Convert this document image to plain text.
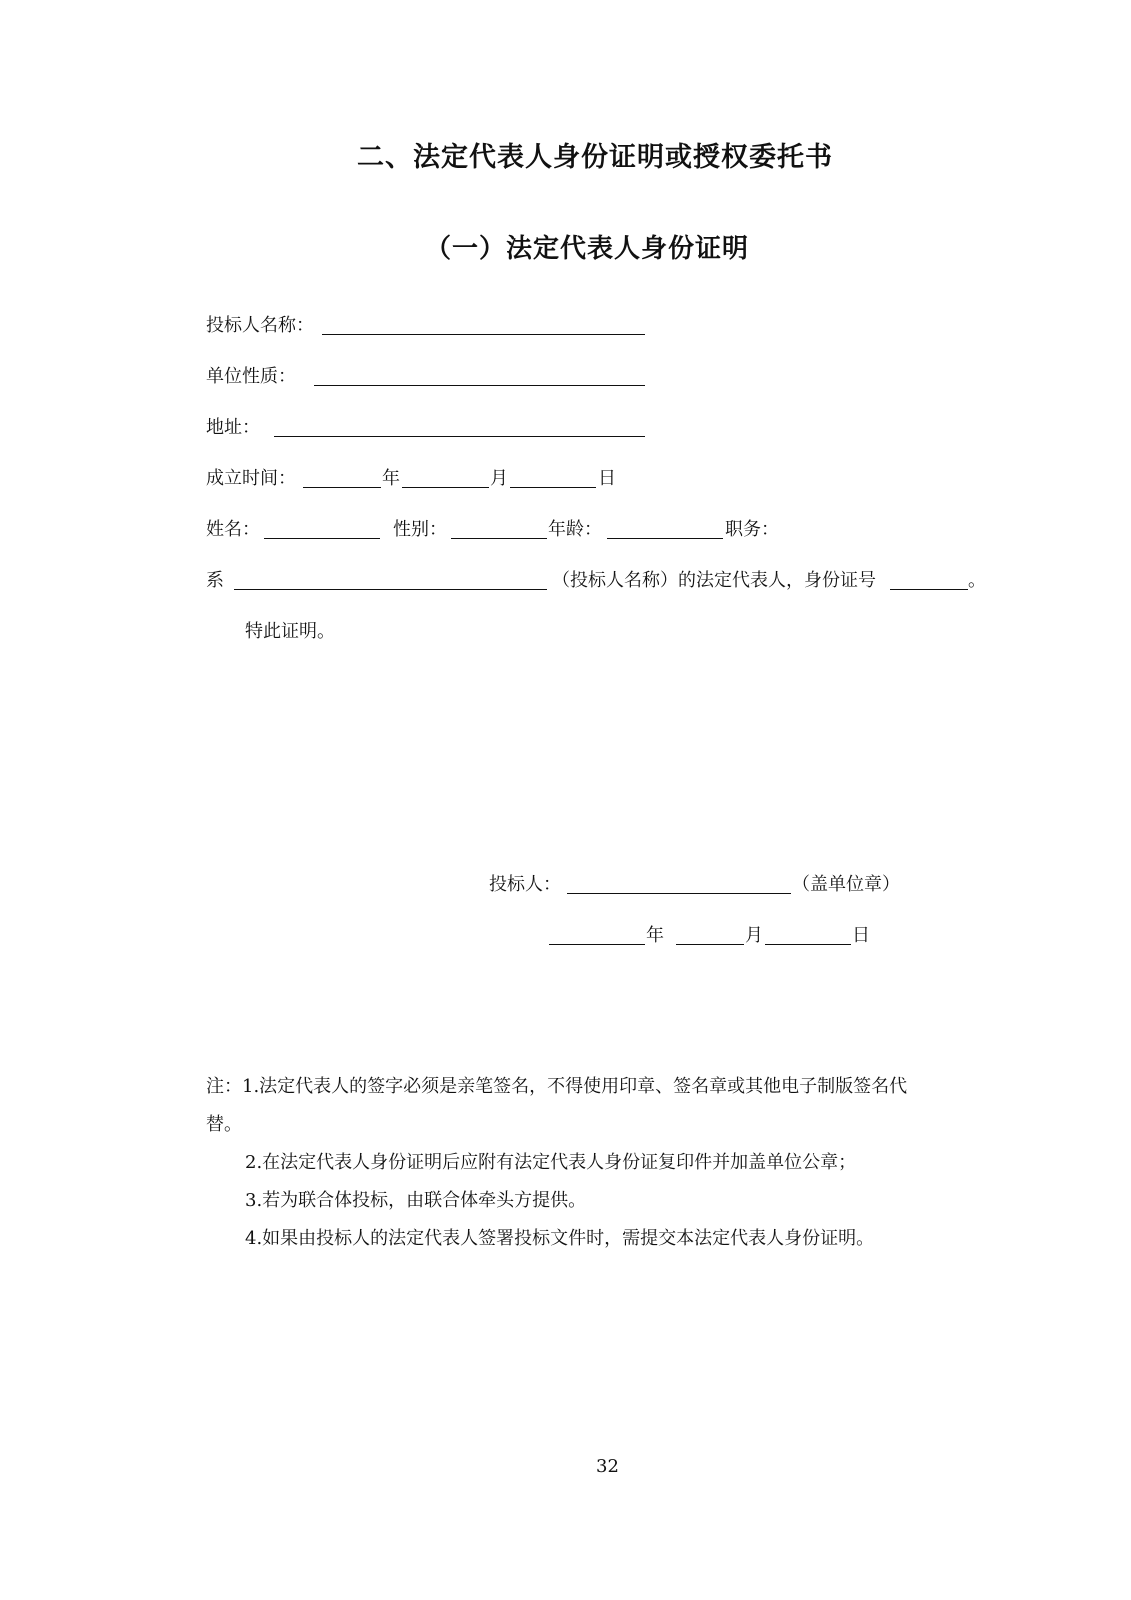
二、法定代表人身份证明或授权委托书
（一）法定代表人身份证明
投标人名称：
单位性质：
地址：
成立时间：	年	月	日
姓名：	性别：	年龄：	职务：
系	（投标人名称）的法定代表人，身份证号	。
特此证明。
投标人：	（盖单位章）
年	月	日
注：1.法定代表人的签字必须是亲笔签名，不得使用印章、签名章或其他电子制版签名代
替。
2.在法定代表人身份证明后应附有法定代表人身份证复印件并加盖单位公章；
3.若为联合体投标，由联合体牵头方提供。
4.如果由投标人的法定代表人签署投标文件时，需提交本法定代表人身份证明。
32
